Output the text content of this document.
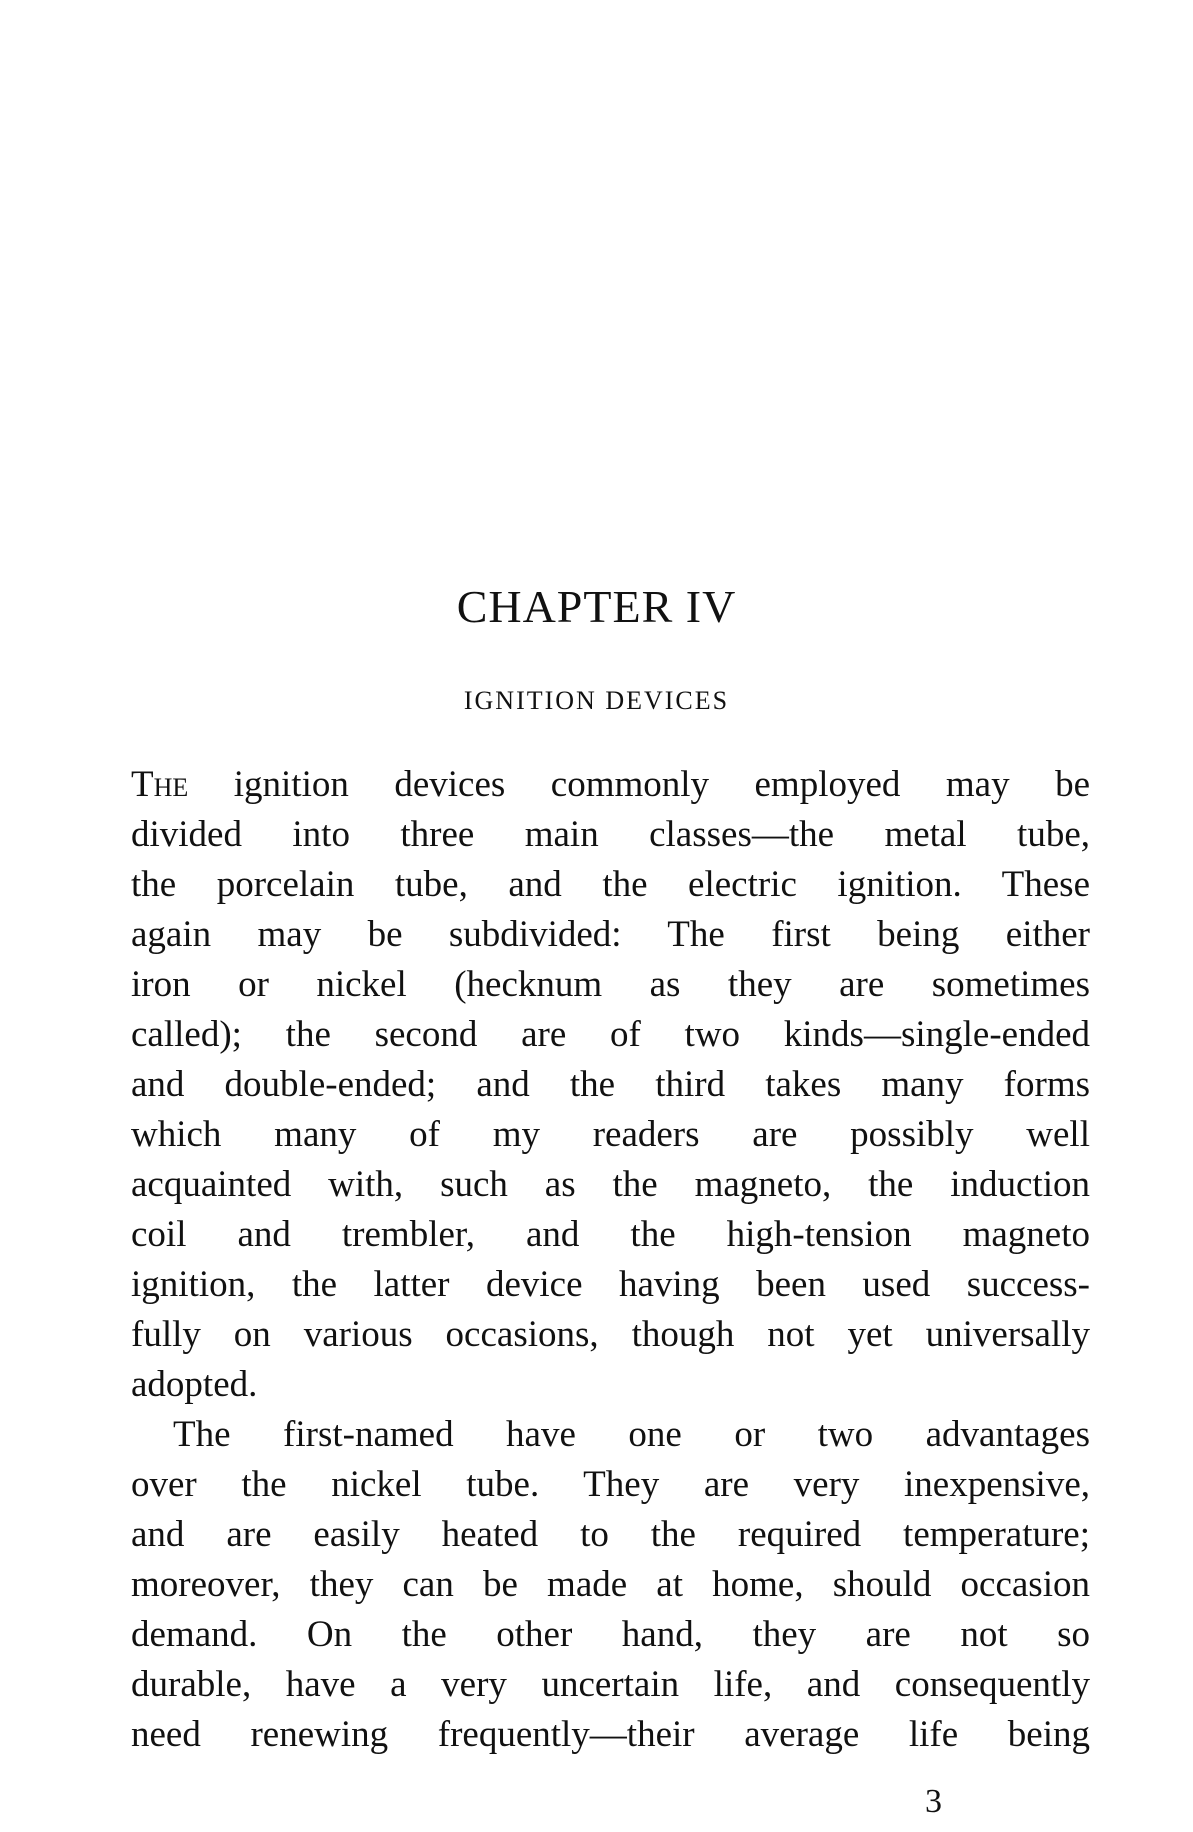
CHAPTER IV
IGNITION DEVICES
The ignition devices commonly employed may be
divided into three main classes—the metal tube,
the porcelain tube, and the electric ignition. These
again may be subdivided: The first being either
iron or nickel (hecknum as they are sometimes
called); the second are of two kinds—single-ended
and double-ended; and the third takes many forms
which many of my readers are possibly well
acquainted with, such as the magneto, the induction
coil and trembler, and the high-tension magneto
ignition, the latter device having been used success-
fully on various occasions, though not yet universally
adopted.
The first-named have one or two advantages
over the nickel tube. They are very inexpensive,
and are easily heated to the required temperature;
moreover, they can be made at home, should occasion
demand. On the other hand, they are not so
durable, have a very uncertain life, and consequently
need renewing frequently—their average life being
3
